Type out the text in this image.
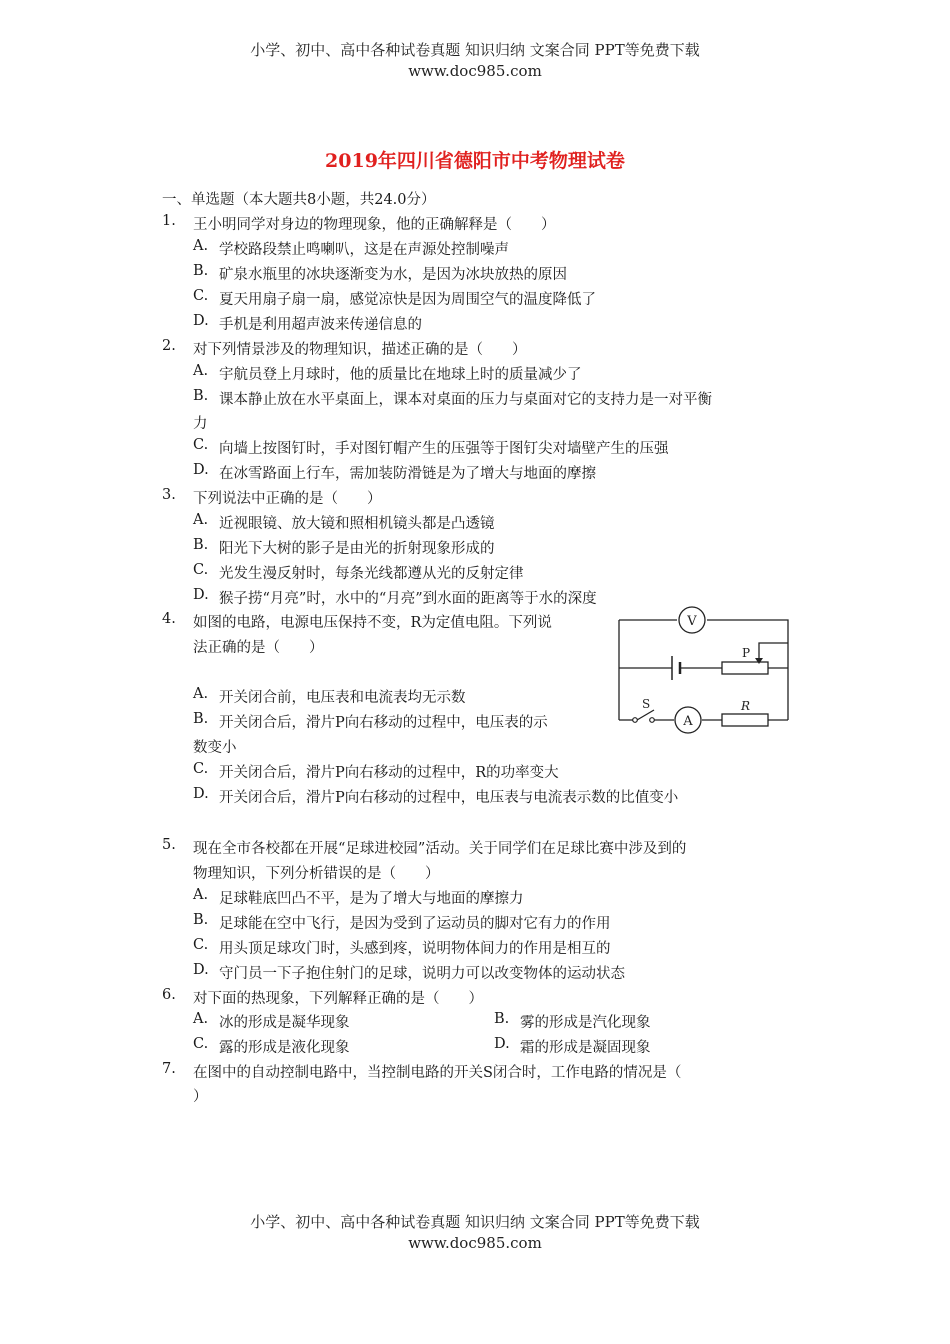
小学、初中、高中各种试卷真题 知识归纳 文案合同 PPT等免费下载
www.doc985.com
2019年四川省德阳市中考物理试卷
一、单选题（本大题共8小题，共24.0分）
1. 王小明同学对身边的物理现象，他的正确解释是（　　）
A. 学校路段禁止鸣喇叭，这是在声源处控制噪声
B. 矿泉水瓶里的冰块逐渐变为水，是因为冰块放热的原因
C. 夏天用扇子扇一扇，感觉凉快是因为周围空气的温度降低了
D. 手机是利用超声波来传递信息的
2. 对下列情景涉及的物理知识，描述正确的是（　　）
A. 宇航员登上月球时，他的质量比在地球上时的质量减少了
B. 课本静止放在水平桌面上，课本对桌面的压力与桌面对它的支持力是一对平衡
力
C. 向墙上按图钉时，手对图钉帽产生的压强等于图钉尖对墙壁产生的压强
D. 在冰雪路面上行车，需加装防滑链是为了增大与地面的摩擦
3. 下列说法中正确的是（　　）
A. 近视眼镜、放大镜和照相机镜头都是凸透镜
B. 阳光下大树的影子是由光的折射现象形成的
C. 光发生漫反射时，每条光线都遵从光的反射定律
D. 猴子捞“月亮”时，水中的“月亮”到水面的距离等于水的深度
4. 如图的电路，电源电压保持不变，R为定值电阻。下列说
法正确的是（　　）
A. 开关闭合前，电压表和电流表均无示数
B. 开关闭合后，滑片P向右移动的过程中，电压表的示
数变小
C. 开关闭合后，滑片P向右移动的过程中，R的功率变大
D. 开关闭合后，滑片P向右移动的过程中，电压表与电流表示数的比值变小
V
A
S	R
P
5. 现在全市各校都在开展“足球进校园”活动。关于同学们在足球比赛中涉及到的
物理知识，下列分析错误的是（　　）
A. 足球鞋底凹凸不平，是为了增大与地面的摩擦力
B. 足球能在空中飞行，是因为受到了运动员的脚对它有力的作用
C. 用头顶足球攻门时，头感到疼，说明物体间力的作用是相互的
D. 守门员一下子抱住射门的足球，说明力可以改变物体的运动状态
6. 对下面的热现象，下列解释正确的是（　　）
A. 冰的形成是凝华现象	B. 雾的形成是汽化现象
C. 露的形成是液化现象	D. 霜的形成是凝固现象
7. 在图中的自动控制电路中，当控制电路的开关S闭合时，工作电路的情况是（
）
小学、初中、高中各种试卷真题 知识归纳 文案合同 PPT等免费下载
www.doc985.com
